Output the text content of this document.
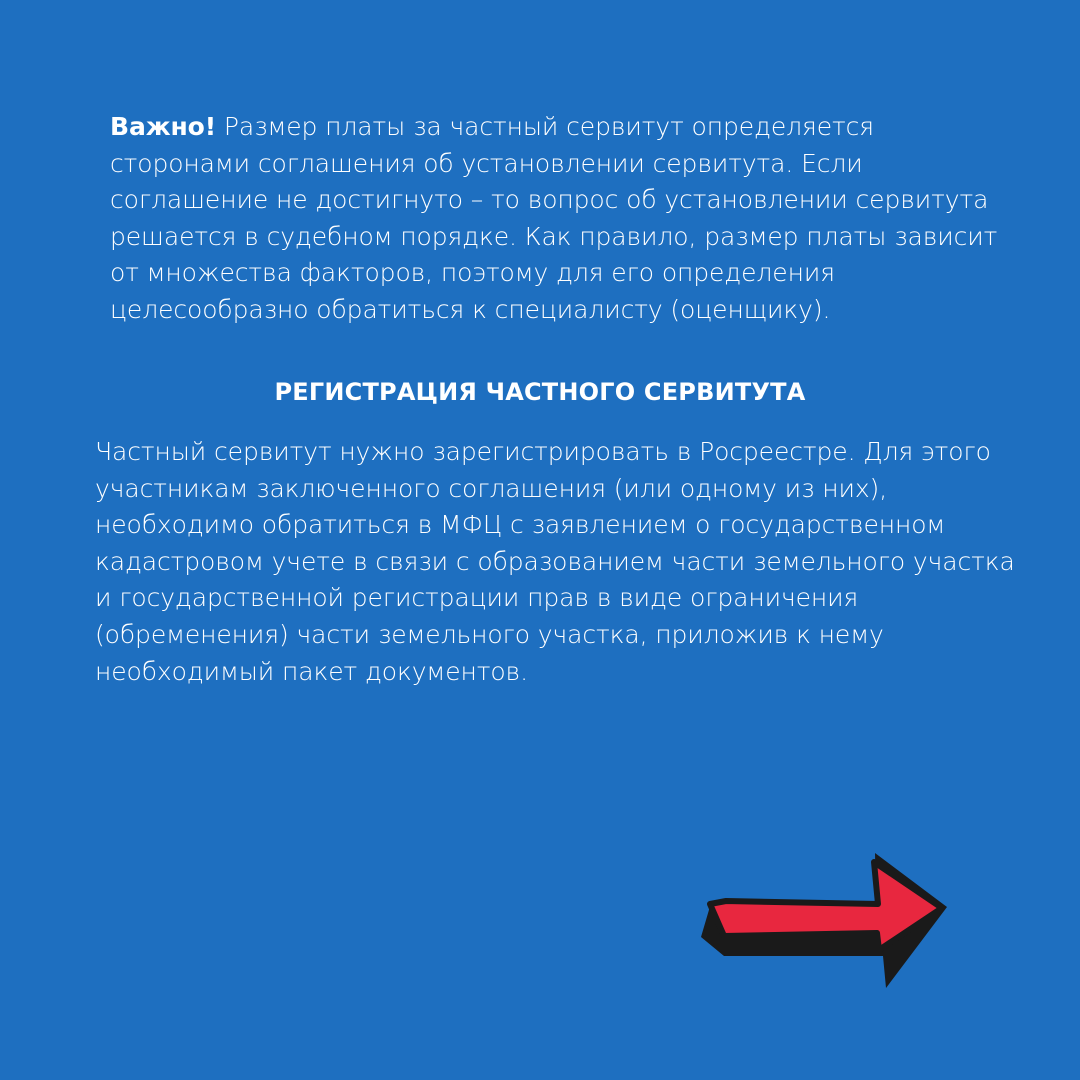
Важно! Размер платы за частный сервитут определяется
сторонами соглашения об установлении сервитута. Если
соглашение не достигнуто – то вопрос об установлении сервитута
решается в судебном порядке. Как правило, размер платы зависит
от множества факторов, поэтому для его определения
целесообразно обратиться к специалисту (оценщику).
РЕГИСТРАЦИЯ ЧАСТНОГО СЕРВИТУТА
Частный сервитут нужно зарегистрировать в Росреестре. Для этого
участникам заключенного соглашения (или одному из них),
необходимо обратиться в МФЦ с заявлением о государственном
кадастровом учете в связи с образованием части земельного участка
и государственной регистрации прав в виде ограничения
(обременения) части земельного участка, приложив к нему
необходимый пакет документов.
